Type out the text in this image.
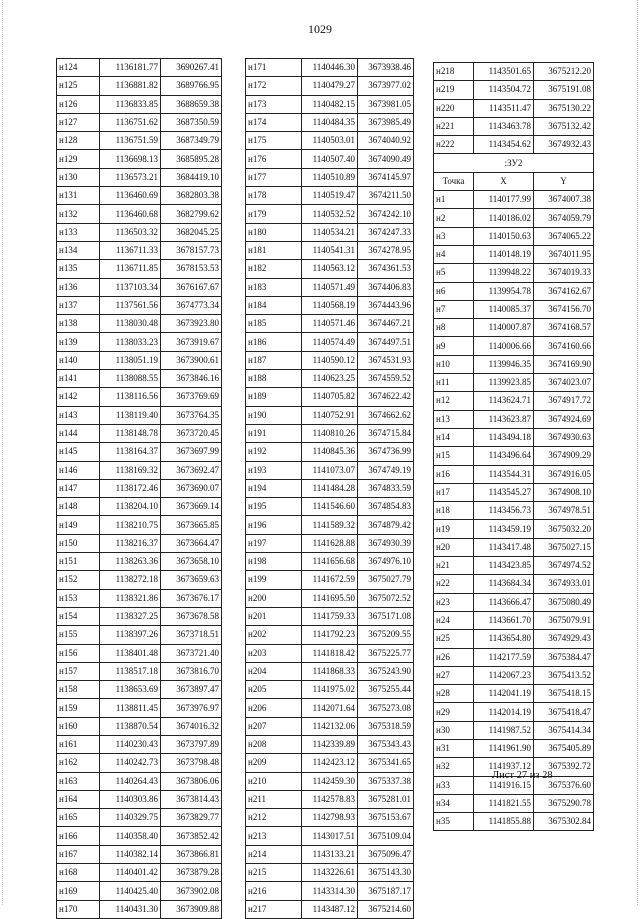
1029
н124	1136181.77	3690267.41
н125	1136881.82	3689766.95
н126	1136833.85	3688659.38
н127	1136751.62	3687350.59
н128	1136751.59	3687349.79
н129	1136698.13	3685895.28
н130	1136573.21	3684419.10
н131	1136460.69	3682803.38
н132	1136460.68	3682799.62
н133	1136503.32	3682045.25
н134	1136711.33	3678157.73
н135	1136711.85	3678153.53
н136	1137103.34	3676167.67
н137	1137561.56	3674773.34
н138	1138030.48	3673923.80
н139	1138033.23	3673919.67
н140	1138051.19	3673900.61
н141	1138088.55	3673846.16
н142	1138116.56	3673769.69
н143	1138119.40	3673764.35
н144	1138148.78	3673720.45
н145	1138164.37	3673697.99
н146	1138169.32	3673692.47
н147	1138172.46	3673690.07
н148	1138204.10	3673669.14
н149	1138210.75	3673665.85
н150	1138216.37	3673664.47
н151	1138263.36	3673658.10
н152	1138272.18	3673659.63
н153	1138321.86	3673676.17
н154	1138327.25	3673678.58
н155	1138397.26	3673718.51
н156	1138401.48	3673721.40
н157	1138517.18	3673816.70
н158	1138653.69	3673897.47
н159	1138811.45	3673976.97
н160	1138870.54	3674016.32
н161	1140230.43	3673797.89
н162	1140242.73	3673798.48
н163	1140264.43	3673806.06
н164	1140303.86	3673814.43
н165	1140329.75	3673829.77
н166	1140358.40	3673852.42
н167	1140382.14	3673866.81
н168	1140401.42	3673879.28
н169	1140425.40	3673902.08
н170	1140431.30	3673909.88
н171	1140446.30	3673938.46
н172	1140479.27	3673977.02
н173	1140482.15	3673981.05
н174	1140484.35	3673985.49
н175	1140503.01	3674040.92
н176	1140507.40	3674090.49
н177	1140510.89	3674145.97
н178	1140519.47	3674211.50
н179	1140532.52	3674242.10
н180	1140534.21	3674247.33
н181	1140541.31	3674278.95
н182	1140563.12	3674361.53
н183	1140571.49	3674406.83
н184	1140568.19	3674443.96
н185	1140571.46	3674467.21
н186	1140574.49	3674497.51
н187	1140590.12	3674531.93
н188	1140623.25	3674559.52
н189	1140705.82	3674622.42
н190	1140752.91	3674662.62
н191	1140810.26	3674715.84
н192	1140845.36	3674736.99
н193	1141073.07	3674749.19
н194	1141484.28	3674833.59
н195	1141546.60	3674854.83
н196	1141589.32	3674879.42
н197	1141628.88	3674930.39
н198	1141656.68	3674976.10
н199	1141672.59	3675027.79
н200	1141695.50	3675072.52
н201	1141759.33	3675171.08
н202	1141792.23	3675209.55
н203	1141818.42	3675225.77
н204	1141868.33	3675243.90
н205	1141975.02	3675255.44
н206	1142071.64	3675273.08
н207	1142132.06	3675318.59
н208	1142339.89	3675343.43
н209	1142423.12	3675341.65
н210	1142459.30	3675337.38
н211	1142578.83	3675281.01
н212	1142798.93	3675153.67
н213	1143017.51	3675109.04
н214	1143133.21	3675096.47
н215	1143226.61	3675143.30
н216	1143314.30	3675187.17
н217	1143487.12	3675214.60
н218	1143501.65	3675212.20
н219	1143504.72	3675191.08
н220	1143511.47	3675130.22
н221	1143463.78	3675132.42
н222	1143454.62	3674932.43
:ЗУ2		
Точка	X	Y
н1	1140177.99	3674007.38
н2	1140186.02	3674059.79
н3	1140150.63	3674065.22
н4	1140148.19	3674011.95
н5	1139948.22	3674019.33
н6	1139954.78	3674162.67
н7	1140085.37	3674156.70
н8	1140007.87	3674168.57
н9	1140006.66	3674160.66
н10	1139946.35	3674169.90
н11	1139923.85	3674023.07
н12	1143624.71	3674917.72
н13	1143623.87	3674924.69
н14	1143494.18	3674930.63
н15	1143496.64	3674909.29
н16	1143544.31	3674916.05
н17	1143545.27	3674908.10
н18	1143456.73	3674978.51
н19	1143459.19	3675032.20
н20	1143417.48	3675027.15
н21	1143423.85	3674974.52
н22	1143684.34	3674933.01
н23	1143666.47	3675080.49
н24	1143661.70	3675079.91
н25	1143654.80	3674929.43
н26	1142177.59	3675384.47
н27	1142067.23	3675413.52
н28	1142041.19	3675418.15
н29	1142014.19	3675418.47
н30	1141987.52	3675414.34
н31	1141961.90	3675405.89
н32	1141937.12	3675392.72
н33	1141916.15	3675376.60
н34	1141821.55	3675290.78
н35	1141855.88	3675302.84
Лист 27 из 28
